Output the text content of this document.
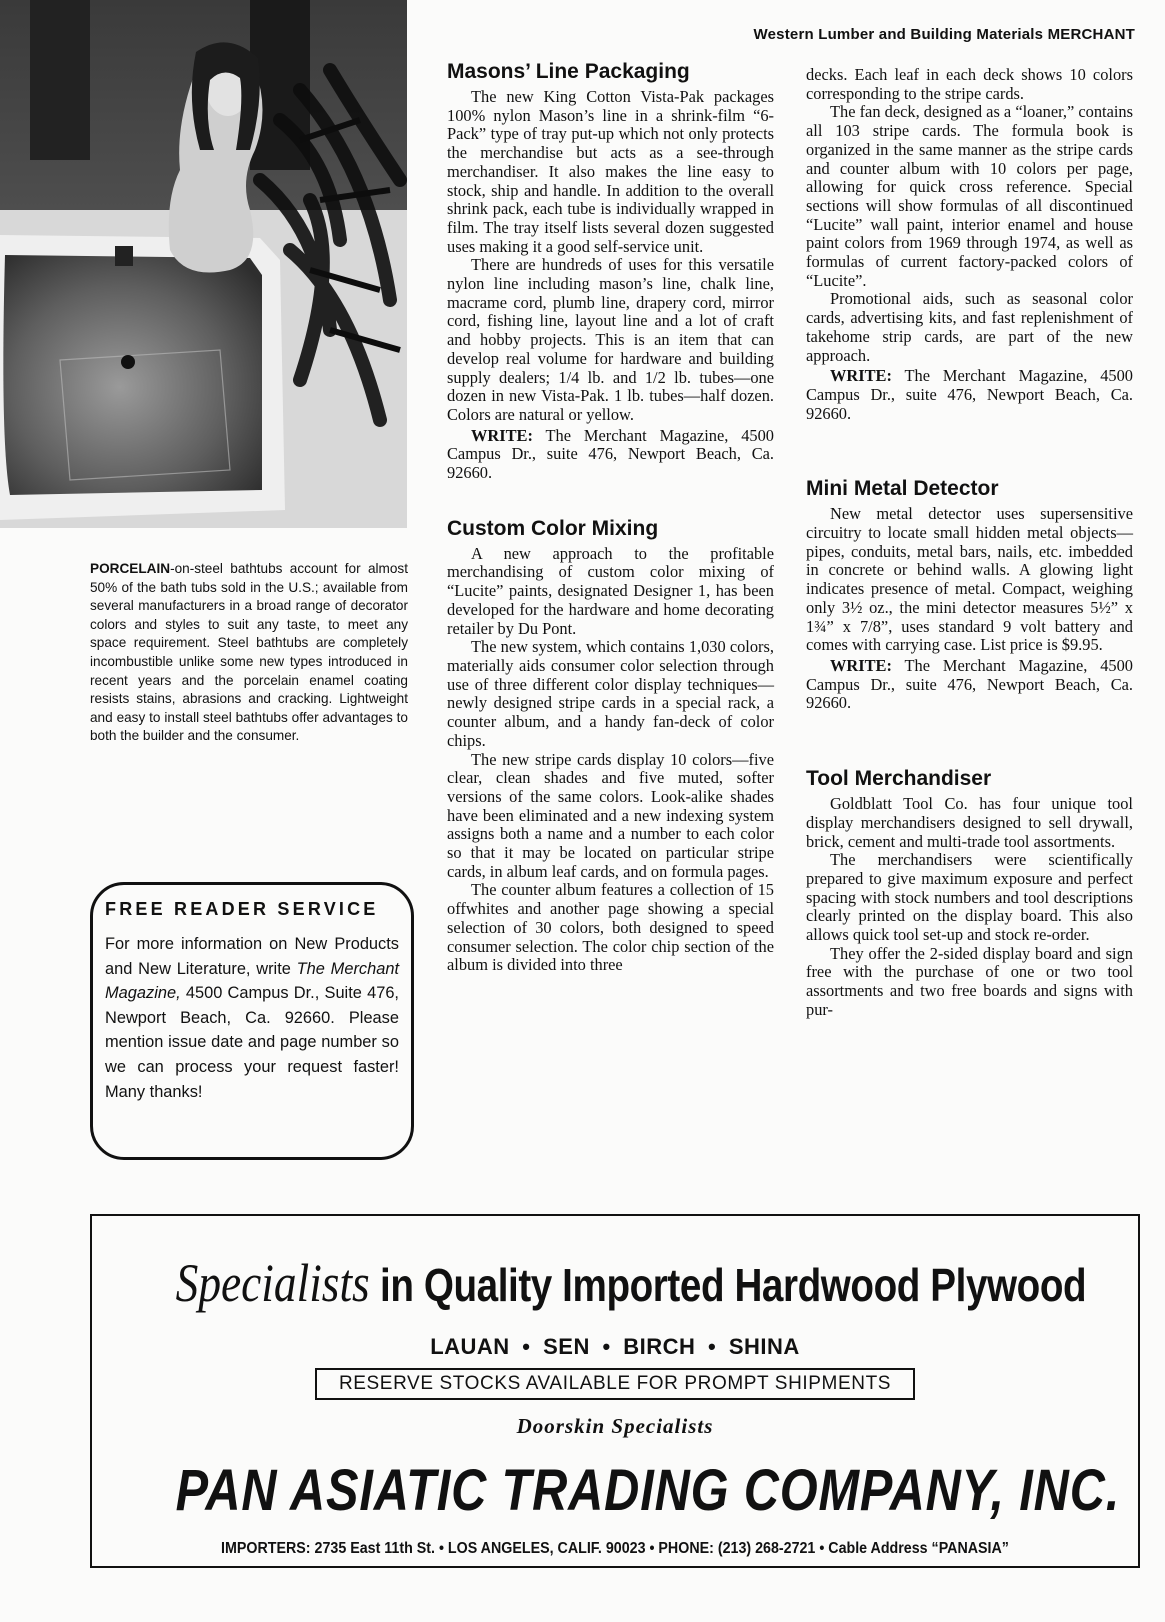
Western Lumber and Building Materials MERCHANT
PORCELAIN-on-steel bathtubs account for almost 50% of the bath tubs sold in the U.S.; available from several manufacturers in a broad range of decorator colors and styles to suit any taste, to meet any space requirement. Steel bathtubs are completely incombustible unlike some new types introduced in recent years and the porcelain enamel coating resists stains, abrasions and cracking. Lightweight and easy to install steel bathtubs offer advantages to both the builder and the consumer.
FREE READER SERVICE

For more information on New Products and New Literature, write The Merchant Magazine, 4500 Campus Dr., Suite 476, Newport Beach, Ca. 92660. Please mention issue date and page number so we can process your request faster! Many thanks!

Masons’ Line Packaging

The new King Cotton Vista-Pak packages 100% nylon Mason’s line in a shrink-film “6-Pack” type of tray put-up which not only protects the merchandise but acts as a see-through merchandiser. It also makes the line easy to stock, ship and handle. In addition to the overall shrink pack, each tube is individually wrapped in film. The tray itself lists several dozen suggested uses making it a good self-service unit.

There are hundreds of uses for this versatile nylon line including mason’s line, chalk line, macrame cord, plumb line, drapery cord, mirror cord, fishing line, layout line and a lot of craft and hobby projects. This is an item that can develop real volume for hardware and building supply dealers; 1/4 lb. and 1/2 lb. tubes—one dozen in new Vista-Pak. 1 lb. tubes—half dozen. Colors are natural or yellow.

WRITE: The Merchant Magazine, 4500 Campus Dr., suite 476, Newport Beach, Ca. 92660.

Custom Color Mixing

A new approach to the profitable merchandising of custom color mixing of “Lucite” paints, designated Designer 1, has been developed for the hardware and home decorating retailer by Du Pont.

The new system, which contains 1,030 colors, materially aids consumer color selection through use of three different color display techniques—newly designed stripe cards in a special rack, a counter album, and a handy fan-deck of color chips.

The new stripe cards display 10 colors—five clear, clean shades and five muted, softer versions of the same colors. Look-alike shades have been eliminated and a new indexing system assigns both a name and a number to each color so that it may be located on particular stripe cards, in album leaf cards, and on formula pages.

The counter album features a collection of 15 offwhites and another page showing a special selection of 30 colors, both designed to speed consumer selection. The color chip section of the album is divided into three

decks. Each leaf in each deck shows 10 colors corresponding to the stripe cards.

The fan deck, designed as a “loaner,” contains all 103 stripe cards. The formula book is organized in the same manner as the stripe cards and counter album with 10 colors per page, allowing for quick cross reference. Special sections will show formulas of all discontinued “Lucite” wall paint, interior enamel and house paint colors from 1969 through 1974, as well as formulas of current factory-packed colors of “Lucite”.

Promotional aids, such as seasonal color cards, advertising kits, and fast replenishment of takehome strip cards, are part of the new approach.

WRITE: The Merchant Magazine, 4500 Campus Dr., suite 476, Newport Beach, Ca. 92660.

Mini Metal Detector

New metal detector uses supersensitive circuitry to locate small hidden metal objects—pipes, conduits, metal bars, nails, etc. imbedded in concrete or behind walls. A glowing light indicates presence of metal. Compact, weighing only 3½ oz., the mini detector measures 5½” x 1¾” x 7/8”, uses standard 9 volt battery and comes with carrying case. List price is $9.95.

WRITE: The Merchant Magazine, 4500 Campus Dr., suite 476, Newport Beach, Ca. 92660.

Tool Merchandiser

Goldblatt Tool Co. has four unique tool display merchandisers designed to sell drywall, brick, cement and multi-trade tool assortments.

The merchandisers were scientifically prepared to give maximum exposure and perfect spacing with stock numbers and tool descriptions clearly printed on the display board. This also allows quick tool set-up and stock re-order.

They offer the 2-sided display board and sign free with the purchase of one or two tool assortments and two free boards and signs with pur-

Specialists in Quality Imported Hardwood Plywood
LAUAN • SEN • BIRCH • SHINA
RESERVE STOCKS AVAILABLE FOR PROMPT SHIPMENTS
Doorskin Specialists
PAN ASIATIC TRADING COMPANY, INC.
IMPORTERS: 2735 East 11th St. • LOS ANGELES, CALIF. 90023 • PHONE: (213) 268-2721 • Cable Address “PANASIA”
